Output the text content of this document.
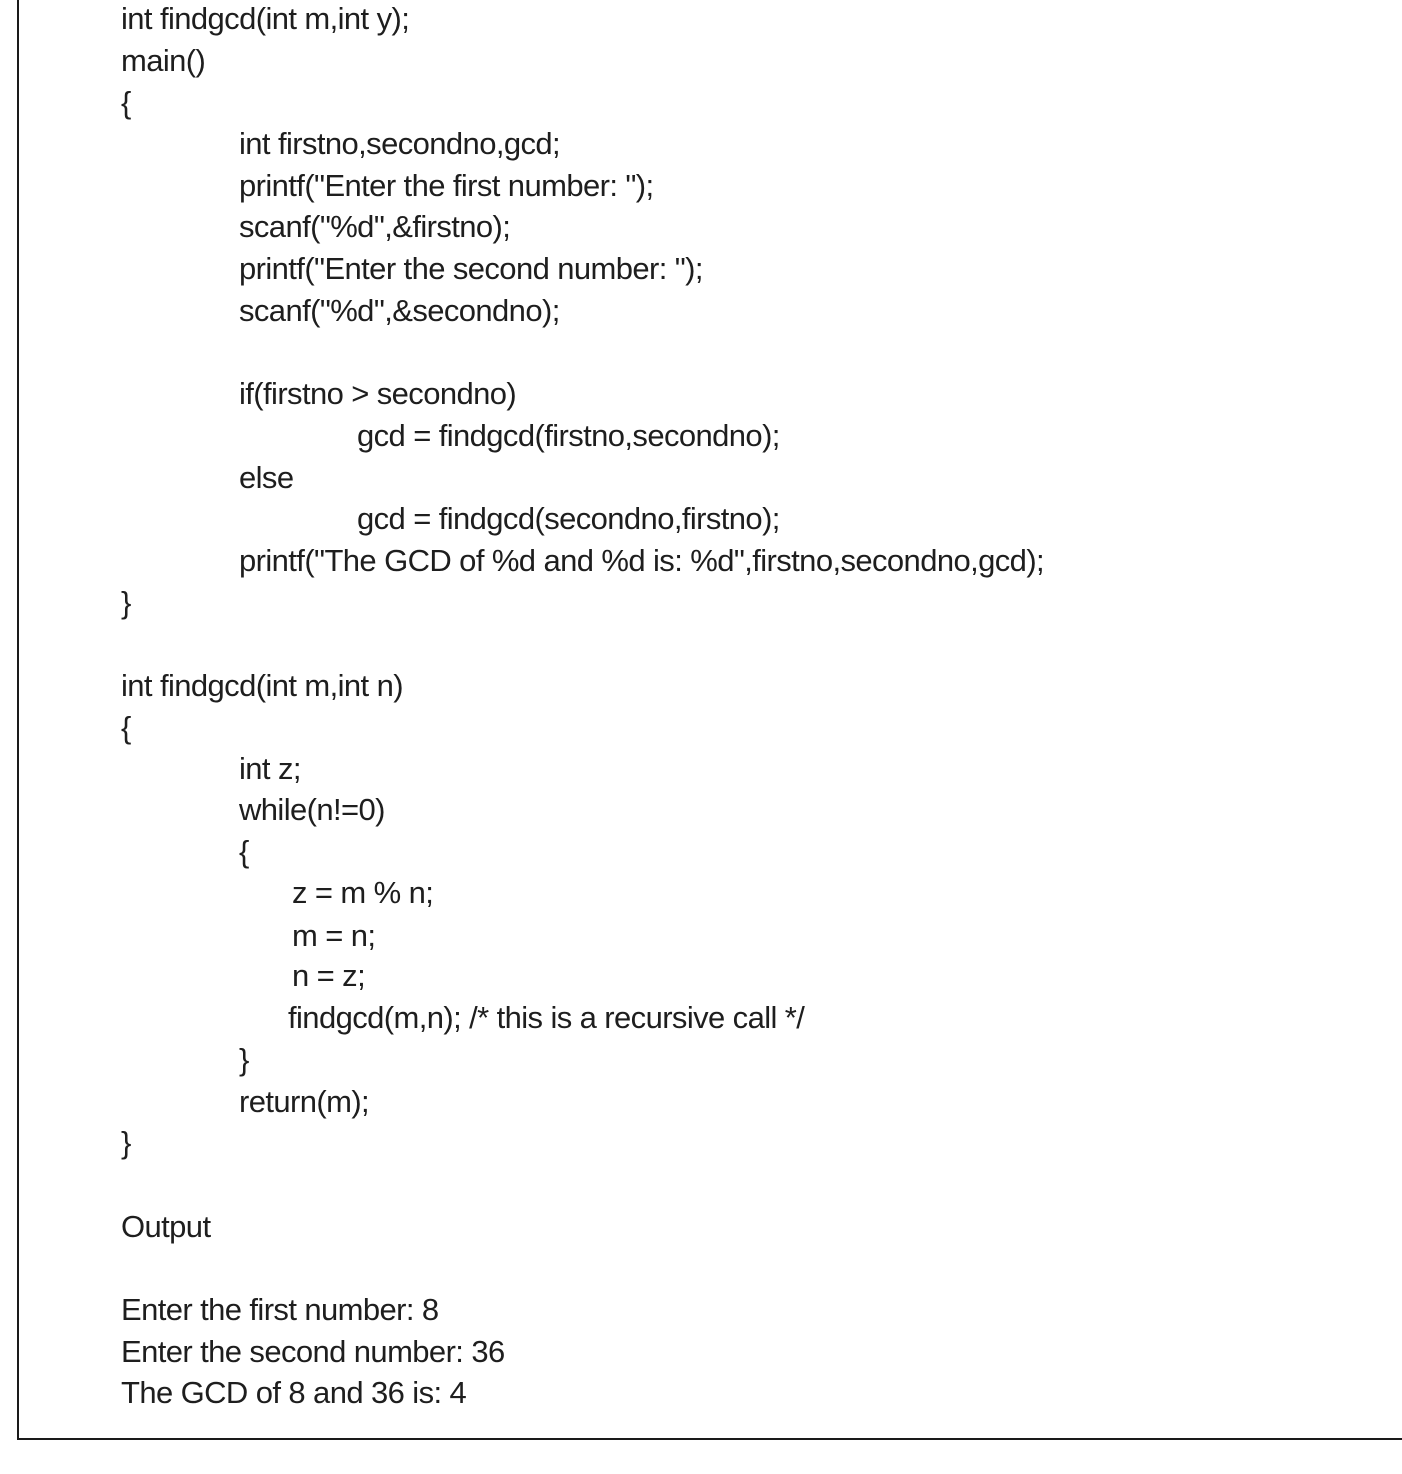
int findgcd(int m,int y);
main()
{
int firstno,secondno,gcd;
printf("Enter the first number: ");
scanf("%d",&firstno);
printf("Enter the second number: ");
scanf("%d",&secondno);
if(firstno > secondno)
gcd = findgcd(firstno,secondno);
else
gcd = findgcd(secondno,firstno);
printf("The GCD of %d and %d is: %d",firstno,secondno,gcd);
}
int findgcd(int m,int n)
{
int z;
while(n!=0)
{
z = m % n;
m = n;
n = z;
findgcd(m,n); /* this is a recursive call */
}
return(m);
}
Output
Enter the first number: 8
Enter the second number: 36
The GCD of 8 and 36 is: 4
